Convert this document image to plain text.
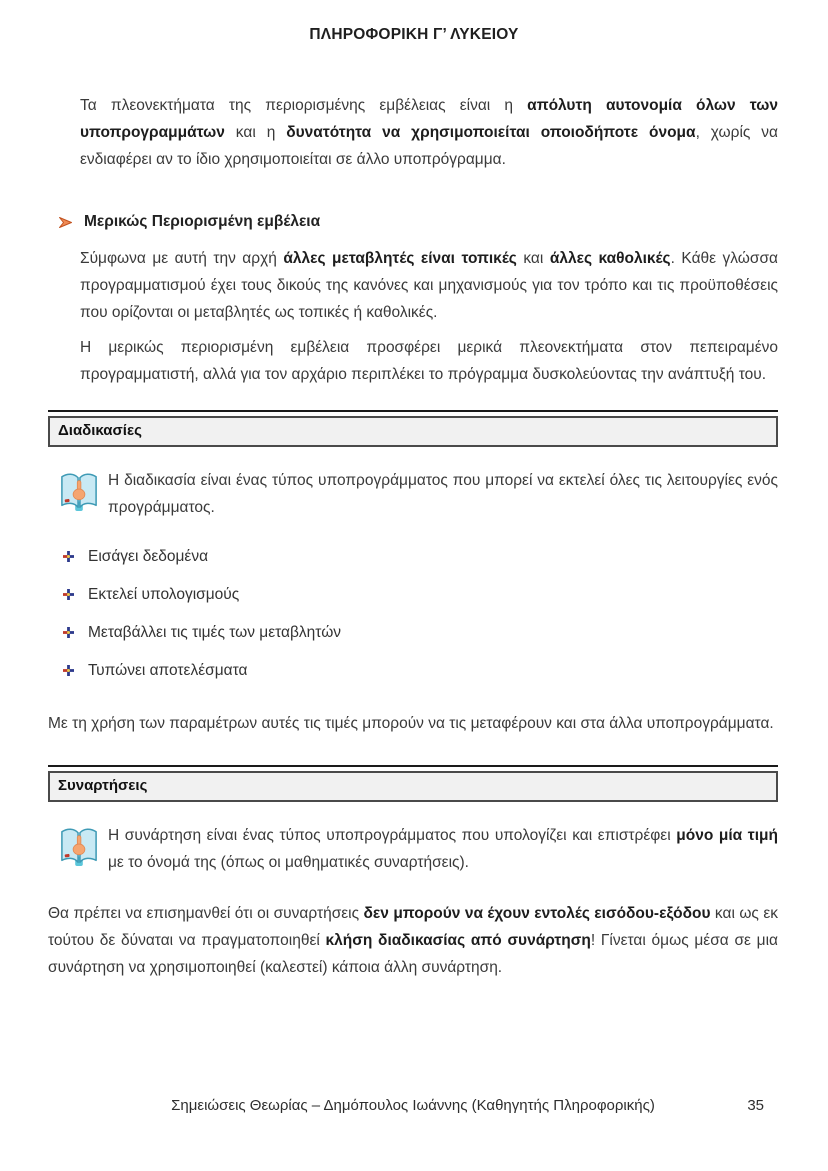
ΠΛΗΡΟΦΟΡΙΚΗ Γ’ ΛΥΚΕΙΟΥ

Τα πλεονεκτήματα της περιορισμένης εμβέλειας είναι η απόλυτη αυτονομία όλων των υποπρογραμμάτων και η δυνατότητα να χρησιμοποιείται οποιοδήποτε όνομα, χωρίς να ενδιαφέρει αν το ίδιο χρησιμοποιείται σε άλλο υποπρόγραμμα.

Μερικώς Περιορισμένη εμβέλεια

Σύμφωνα με αυτή την αρχή άλλες μεταβλητές είναι τοπικές και άλλες καθολικές. Κάθε γλώσσα προγραμματισμού έχει τους δικούς της κανόνες και μηχανισμούς για τον τρόπο και τις προϋποθέσεις που ορίζονται οι μεταβλητές ως τοπικές ή καθολικές.

Η μερικώς περιορισμένη εμβέλεια προσφέρει μερικά πλεονεκτήματα στον πεπειραμένο προγραμματιστή, αλλά για τον αρχάριο περιπλέκει το πρόγραμμα δυσκολεύοντας την ανάπτυξή του.

Διαδικασίες

Η διαδικασία είναι ένας τύπος υποπρογράμματος που μπορεί να εκτελεί όλες τις λειτουργίες ενός προγράμματος.

Εισάγει δεδομένα
Εκτελεί υπολογισμούς
Μεταβάλλει τις τιμές των μεταβλητών
Τυπώνει αποτελέσματα

Με τη χρήση των παραμέτρων αυτές τις τιμές μπορούν να τις μεταφέρουν και στα άλλα υποπρογράμματα.

Συναρτήσεις

Η συνάρτηση είναι ένας τύπος υποπρογράμματος που υπολογίζει και επιστρέφει μόνο μία τιμή με το όνομά της (όπως οι μαθηματικές συναρτήσεις).

Θα πρέπει να επισημανθεί ότι οι συναρτήσεις δεν μπορούν να έχουν εντολές εισόδου-εξόδου και ως εκ τούτου δε δύναται να πραγματοποιηθεί κλήση διαδικασίας από συνάρτηση! Γίνεται όμως μέσα σε μια συνάρτηση να χρησιμοποιηθεί (καλεστεί) κάποια άλλη συνάρτηση.

Σημειώσεις Θεωρίας – Δημόπουλος Ιωάννης (Καθηγητής Πληροφορικής)	35
